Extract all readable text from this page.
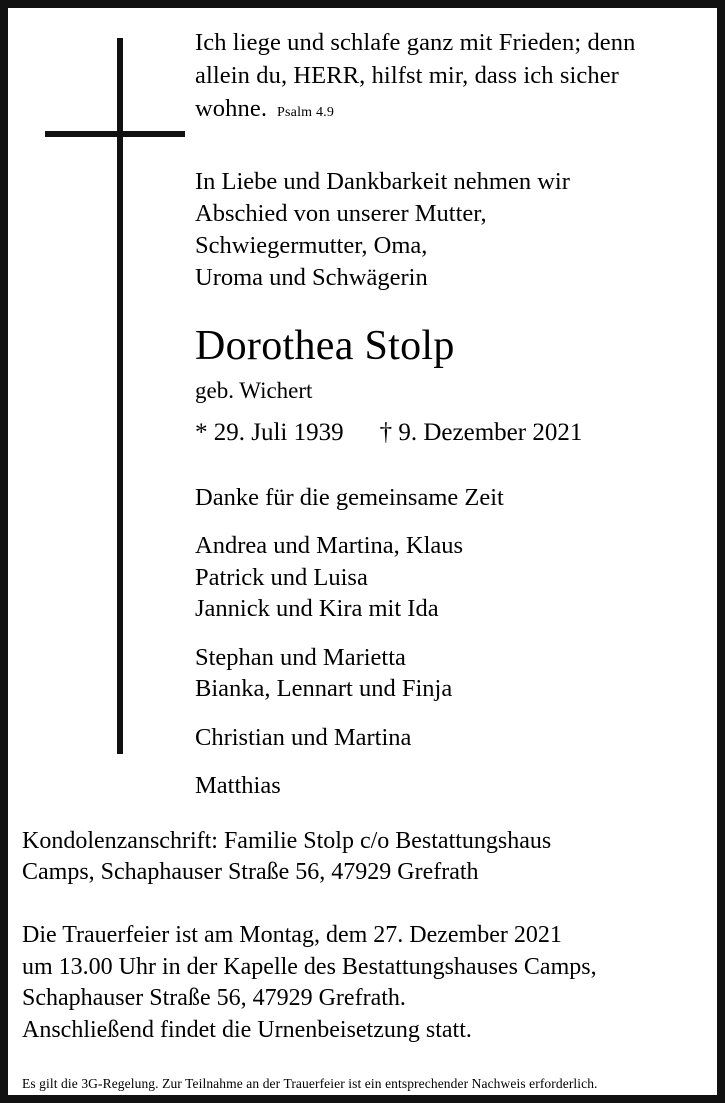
Ich liege und schlafe ganz mit Frieden; denn
allein du, HERR, hilfst mir, dass ich sicher
wohne. Psalm 4.9
In Liebe und Dankbarkeit nehmen wir
Abschied von unserer Mutter,
Schwiegermutter, Oma,
Uroma und Schwägerin
Dorothea Stolp
geb. Wichert
* 29. Juli 1939 † 9. Dezember 2021
Danke für die gemeinsame Zeit
Andrea und Martina, Klaus
Patrick und Luisa
Jannick und Kira mit Ida
Stephan und Marietta
Bianka, Lennart und Finja
Christian und Martina
Matthias
Kondolenzanschrift: Familie Stolp c/o Bestattungshaus
Camps, Schaphauser Straße 56, 47929 Grefrath
Die Trauerfeier ist am Montag, dem 27. Dezember 2021
um 13.00 Uhr in der Kapelle des Bestattungshauses Camps,
Schaphauser Straße 56, 47929 Grefrath.
Anschließend findet die Urnenbeisetzung statt.
Es gilt die 3G-Regelung. Zur Teilnahme an der Trauerfeier ist ein entsprechender Nachweis erforderlich.
